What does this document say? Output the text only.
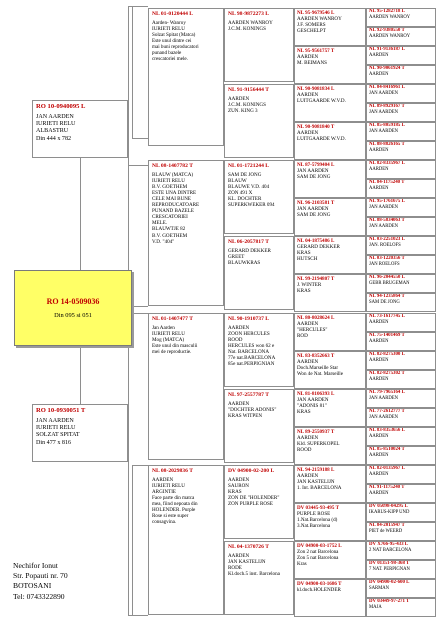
RO 14-0509036
Din 095 si 051
RO 10-0940095 L
JAN AARDEN
IURIETI RELU
ALBASTRU
Din 444 x 782
RO 10-0930051 T
JAN AARDEN
IURIETI RELU
SOLZAT SPITAT
Din 477 x 816
NL 01-0120444 L
Aarden- Wanroy
IURIETI RELU
Solzat Spitat (Matca)
Este unul dintre cei
mai buni reproducatori
punand bazele
crescatoriei mele.
NL 08-1407782 T
BLAUW (MATCA)
IURIETI RELU
B.V. GOETHEM
ESTE UNA DINTRE
CELE MAI BUNE
REPRODUCATOARE
PUNAND BAZELE
CRESCATORIEI
MELE.
BLAUWTJE 82
B.V. GOETHEM
V.D. "404"
NL 01-1407477 T
Jan Aarden
IURIETI RELU
Mog (MATCA)
Este unul din masculii
mei de reproductie.
NL 08-2029836 T
AARDEN
IURIETI RELU
ARGINTIE
Face parte din matca
mea, fiind nepoata din
HOLENDER. Purple
Rose si este super
consagvina.
NL 98-9872273 L
AARDEN WANROY
J.C.M. KONINGS
NL 91-9156444 T
AARDEN
J.C.M. KONINGS
ZUN. KING 3
NL 01-1721244 L
SAM DE JONG
BLAUW
BLAUWE V.D. 404
ZON 491 X
KL. DOCHTER
SUPERKWEKER 094
NL 06-2057817 T
GERARD DEKKER
GREET
BLAUWKRAS
NL 90-1910737 L
AARDEN
ZOON HERCULES
ROOD
HERCULES won 62 e
Nat. BARCELONA
77e nat.BARCELONA
85e nat.PERPIGNIAN
NL 97-2557787 T
AARDEN
"DOCHTER ADONIS"
KRAS WITPEN
DV 04900-02-200 L
AARDEN
SAURON
KRAS
ZON DE "HOLENDER"
ZON PURPLE ROSE
NL 04-1370726 T
AARDEN
JAN KASTELIJN
RODE
Kl.doch.5 inst. Barcelona
NL 95-9679546 L
AARDEN WANROY
J.F. SOMERS
GESCHELPT
NL 95-9561757 T
AARDEN
M. BEIMANS
NL 90-9081834 L
AARDEN
LUITGAARDE W.V.D.
NL 90-9081840 T
AARDEN
LUITGAARDE W.V.D.
NL 87-5799404 L
JAN AARDEN
SAM DE JONG
NL 96-2103581 T
JAN AARDEN
SAM DE JONG
NL 04-1875486 L
GERARD DEKKER
KRAS
HUTSCH
NL 99-2194807 T
J. WINTER
KRAS
NL 80-8028624 L
AARDEN
"HERCULES"
ROD
NL 83-8352663 T
AARDEN
Doch.Marseille Star
Won 4e Nat. Marseille
NL 81-8106393 L
JAN AARDEN
"ADONIS 81"
KRAS
NL 89-2550937 T
AARDEN
Kld. SUPERKOPEL
ROOD
NL 94-2159188 L
AARDEN
JAN KASTELIJN
1. Int. BARCELONA
DV 03445-93-495 T
PURPLE ROSE
1.Nat.Barcelona (d)
3.Nat.Barcelona
DV 04900-03-1752 L
Zon 2 nat Barcelona
Zon 5 nat Barcelona
Kras
DV 04900-03-1686 T
kl.doch.HOLENDER
NL 95-1282718 L
AARDEN WANROY
NL 92-9380550 T
AARDEN WANROY
NL 91-9136187 L
AARDEN
NL 90-9061924 T
AARDEN
NL 84-8416961 L
JAN AARDEN
NL 89-8929167 T
JAN AARDEN
NL 85-8059185 L
JAN AARDEN
NL 88-8826165 T
AARDEN
NL 82-8335967 L
AARDEN
NL 84-1175240 T
AARDEN
NL 95-1761675 L
JAN AARDEN
NL 88-5834063 T
JAN AARDEN
NL 03-2251023 L
JAN. ROELOFS
NL 03-1220356 T
JAN ROELOFS
NL 96-2044550 L
GEBR BRUGEMAN
NL 94-1235864 T
SAM DE JONG
NL 73-1617745 L
AARDEN
NL 75-1401469 T
AARDEN
NL 82-8275300 L
AARDEN
NL 82-8275302 T
AARDEN
NL 79-7965164 L
JAN AARDEN
NL 77-2612777 T
JAN AARDEN
NL 83-8353656 L
AARDEN
NL 85-8510024 T
AARDEN
NL 82-0135967 L
AARDEN
NL 91-1175240 T
AARDEN
DV 05098-04295 L
IKARUS-KIPP UND
NL 84-2015947 T
PIET de WEERD
DV X766-95-433 L
2 NAT BARCELONA
DV 01351-98-368 T
7 NAT. PERPIGNAN
DV 04900-02-600 L
SARMAN
DV 03449-97-271 T
MAJA
Nechifor Ionut
Str. Popauti nr. 70
BOTOSANI
Tel: 0743322890
